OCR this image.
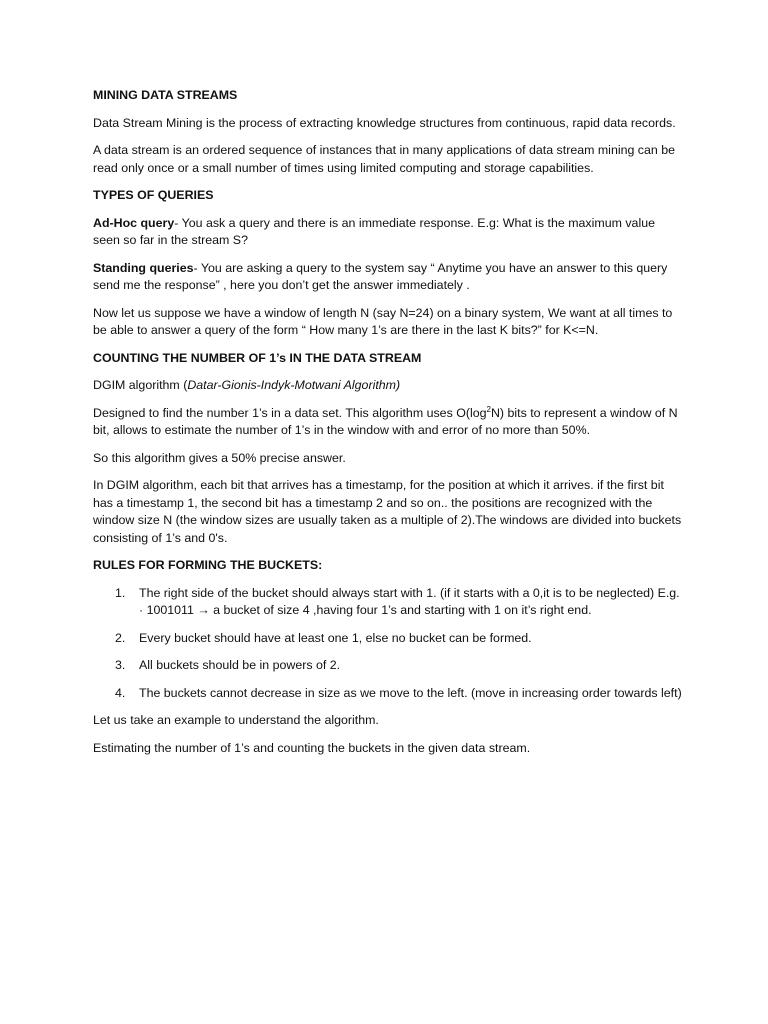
MINING DATA STREAMS

Data Stream Mining is the process of extracting knowledge structures from continuous, rapid data records.

A data stream is an ordered sequence of instances that in many applications of data stream mining can be read only once or a small number of times using limited computing and storage capabilities.

TYPES OF QUERIES

Ad-Hoc query- You ask a query and there is an immediate response. E.g: What is the maximum value seen so far in the stream S?

Standing queries- You are asking a query to the system say “ Anytime you have an answer to this query send me the response” , here you don’t get the answer immediately .

Now let us suppose we have a window of length N (say N=24) on a binary system, We want at all times to be able to answer a query of the form “ How many 1’s are there in the last K bits?” for K<=N.

COUNTING THE NUMBER OF 1’s IN THE DATA STREAM

DGIM algorithm (Datar-Gionis-Indyk-Motwani Algorithm)

Designed to find the number 1’s in a data set. This algorithm uses $O(\log^2N)$ bits to represent a window of N bit, allows to estimate the number of 1’s in the window with and error of no more than 50%.

So this algorithm gives a 50% precise answer.

In DGIM algorithm, each bit that arrives has a timestamp, for the position at which it arrives. if the first bit has a timestamp 1, the second bit has a timestamp 2 and so on.. the positions are recognized with the window size N (the window sizes are usually taken as a multiple of 2).The windows are divided into buckets consisting of 1’s and 0's.

RULES FOR FORMING THE BUCKETS:

1. The right side of the bucket should always start with 1. (if it starts with a 0,it is to be neglected) E.g. · 1001011 → a bucket of size 4 ,having four 1’s and starting with 1 on it’s right end.
2. Every bucket should have at least one 1, else no bucket can be formed.
3. All buckets should be in powers of 2.
4. The buckets cannot decrease in size as we move to the left. (move in increasing order towards left)

Let us take an example to understand the algorithm.

Estimating the number of 1’s and counting the buckets in the given data stream.
